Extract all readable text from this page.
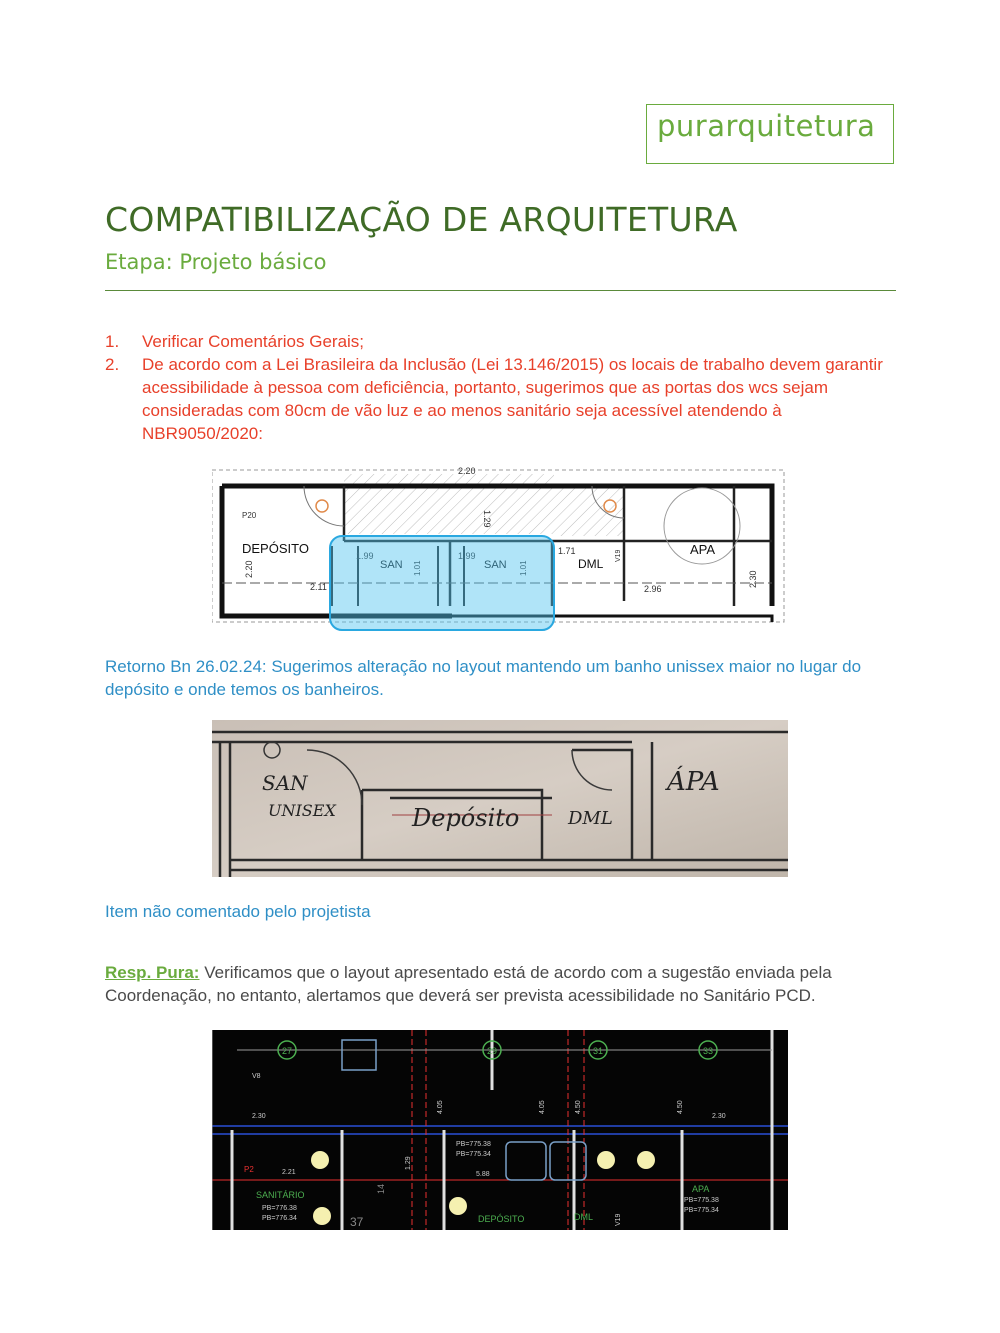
purarquitetura
COMPATIBILIZAÇÃO DE ARQUITETURA
Etapa: Projeto básico
1. Verificar Comentários Gerais;
2. De acordo com a Lei Brasileira da Inclusão (Lei 13.146/2015) os locais de trabalho devem garantir acessibilidade à pessoa com deficiência, portanto, sugerimos que as portas dos wcs sejam consideradas com 80cm de vão luz e ao menos sanitário seja acessível atendendo à NBR9050/2020:
P20
DEPÓSITO
SAN	SAN	DML
APA
1.99	1.99	1.71
2.11	2.96
2.20
2.20
1.29
2.30
1.01	1.01
V19
Retorno Bn 26.02.24: Sugerimos alteração no layout mantendo um banho unissex maior no lugar do depósito e onde temos os banheiros.
SAN
UNISEX	Depósito	DML
ÁPA
Item não comentado pelo projetista
Resp. Pura: Verificamos que o layout apresentado está de acordo com a sugestão enviada pela Coordenação, no entanto, alertamos que deverá ser prevista acessibilidade no Sanitário PCD.
27	29	31	33
V8
2.30	2.30
2.21
1.29
5.88
4.05	4.05	4.50	4.50
P2
SANITÁRIO
PB=776.38
PB=776.34
PB=775.38
PB=775.34
DEPÓSITO	DML
APA
PB=775.38
PB=775.34
V19
37
14
